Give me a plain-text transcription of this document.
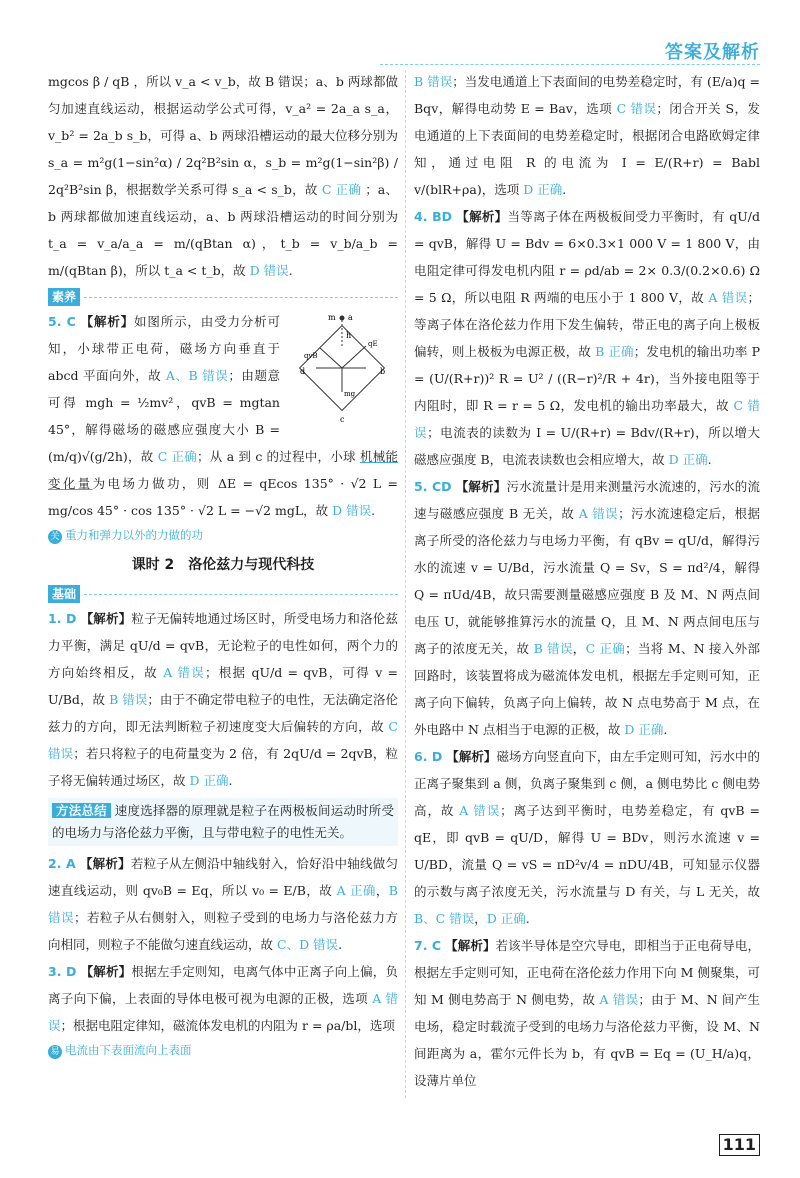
答案及解析

mgcos β / qB ，所以 v_a < v_b，故 B 错误；a、b 两球都做匀加速直线运动，根据运动学公式可得，v_a² = 2a_a s_a，v_b² = 2a_b s_b，可得 a、b 两球沿槽运动的最大位移分别为 s_a = m²g(1−sin²α) / 2q²B²sin α，s_b = m²g(1−sin²β) / 2q²B²sin β，根据数学关系可得 s_a < s_b，故 C 正确 ；a、b 两球都做加速直线运动，a、b 两球沿槽运动的时间分别为 t_a = v_a/a_a = m/(qBtan α)，t_b = v_b/a_b = m/(qBtan β)，所以 t_a < t_b，故 D 错误.

素养

m a
h
qE
qvB
mg
d	b
c
5. C 【解析】如图所示，由受力分析可知，小球带正电荷，磁场方向垂直于 abcd 平面向外，故 A、B 错误；由题意可得 mgh = ½mv²，qvB = mgtan 45°，解得磁场的磁感应强度大小 B = (m/q)√(g/2h)，故 C 正确；从 a 到 c 的过程中，小球 机械能变化量为电场力做功，则 ΔE = qEcos 135° · √2 L = mg/cos 45° · cos 135° · √2 L = −√2 mgL，故 D 错误.

关 重力和弹力以外的力做的功
课时 2　洛伦兹力与现代科技
基础

1. D 【解析】粒子无偏转地通过场区时，所受电场力和洛伦兹力平衡，满足 qU/d = qvB，无论粒子的电性如何，两个力的方向始终相反，故 A 错误；根据 qU/d = qvB，可得 v = U/Bd，故 B 错误；由于不确定带电粒子的电性，无法确定洛伦兹力的方向，即无法判断粒子初速度变大后偏转的方向，故 C 错误；若只将粒子的电荷量变为 2 倍，有 2qU/d = 2qvB，粒子将无偏转通过场区，故 D 正确.

方法总结 速度选择器的原理就是粒子在两极板间运动时所受的电场力与洛伦兹力平衡，且与带电粒子的电性无关。

2. A 【解析】若粒子从左侧沿中轴线射入，恰好沿中轴线做匀速直线运动，则 qv₀B = Eq，所以 v₀ = E/B，故 A 正确，B 错误；若粒子从右侧射入，则粒子受到的电场力与洛伦兹力方向相同，则粒子不能做匀速直线运动，故 C、D 错误.

3. D 【解析】根据左手定则知，电离气体中正离子向上偏，负离子向下偏，上表面的导体电极可视为电源的正极，选项 A 错误；根据电阻定律知，磁流体发电机的内阻为 r = ρa/bl，选项

易 电流由下表面流向上表面

B 错误；当发电通道上下表面间的电势差稳定时，有 (E/a)q = Bqv，解得电动势 E = Bav，选项 C 错误；闭合开关 S，发电通道的上下表面间的电势差稳定时，根据闭合电路欧姆定律知，通过电阻 R 的电流为 I = E/(R+r) = Babl v/(blR+ρa)，选项 D 正确.

4. BD 【解析】当等离子体在两极板间受力平衡时，有 qU/d = qvB，解得 U = Bdv = 6×0.3×1 000 V = 1 800 V，由电阻定律可得发电机内阻 r = ρd/ab = 2× 0.3/(0.2×0.6) Ω = 5 Ω，所以电阻 R 两端的电压小于 1 800 V，故 A 错误；等离子体在洛伦兹力作用下发生偏转，带正电的离子向上极板偏转，则上极板为电源正极，故 B 正确；发电机的输出功率 P = (U/(R+r))² R = U² / ((R−r)²/R + 4r)，当外接电阻等于内阻时，即 R = r = 5 Ω，发电机的输出功率最大，故 C 错误；电流表的读数为 I = U/(R+r) = Bdv/(R+r)，所以增大磁感应强度 B，电流表读数也会相应增大，故 D 正确.

5. CD 【解析】污水流量计是用来测量污水流速的，污水的流速与磁感应强度 B 无关，故 A 错误；污水流速稳定后，根据离子所受的洛伦兹力与电场力平衡，有 qBv = qU/d，解得污水的流速 v = U/Bd，污水流量 Q = Sv，S = πd²/4，解得 Q = πUd/4B，故只需要测量磁感应强度 B 及 M、N 两点间电压 U，就能够推算污水的流量 Q，且 M、N 两点间电压与离子的浓度无关，故 B 错误，C 正确；当将 M、N 接入外部回路时，该装置将成为磁流体发电机，根据左手定则可知，正离子向下偏转，负离子向上偏转，故 N 点电势高于 M 点，在外电路中 N 点相当于电源的正极，故 D 正确.

6. D 【解析】磁场方向竖直向下，由左手定则可知，污水中的正离子聚集到 a 侧，负离子聚集到 c 侧，a 侧电势比 c 侧电势高，故 A 错误；离子达到平衡时，电势差稳定，有 qvB = qE，即 qvB = qU/D，解得 U = BDv，则污水流速 v = U/BD，流量 Q = vS = πD²v/4 = πDU/4B，可知显示仪器的示数与离子浓度无关，污水流量与 D 有关，与 L 无关，故 B、C 错误，D 正确.

7. C 【解析】若该半导体是空穴导电，即相当于正电荷导电，根据左手定则可知，正电荷在洛伦兹力作用下向 M 侧聚集，可知 M 侧电势高于 N 侧电势，故 A 错误；由于 M、N 间产生电场，稳定时载流子受到的电场力与洛伦兹力平衡，设 M、N 间距离为 a，霍尔元件长为 b，有 qvB = Eq = (U_H/a)q，设薄片单位

111
